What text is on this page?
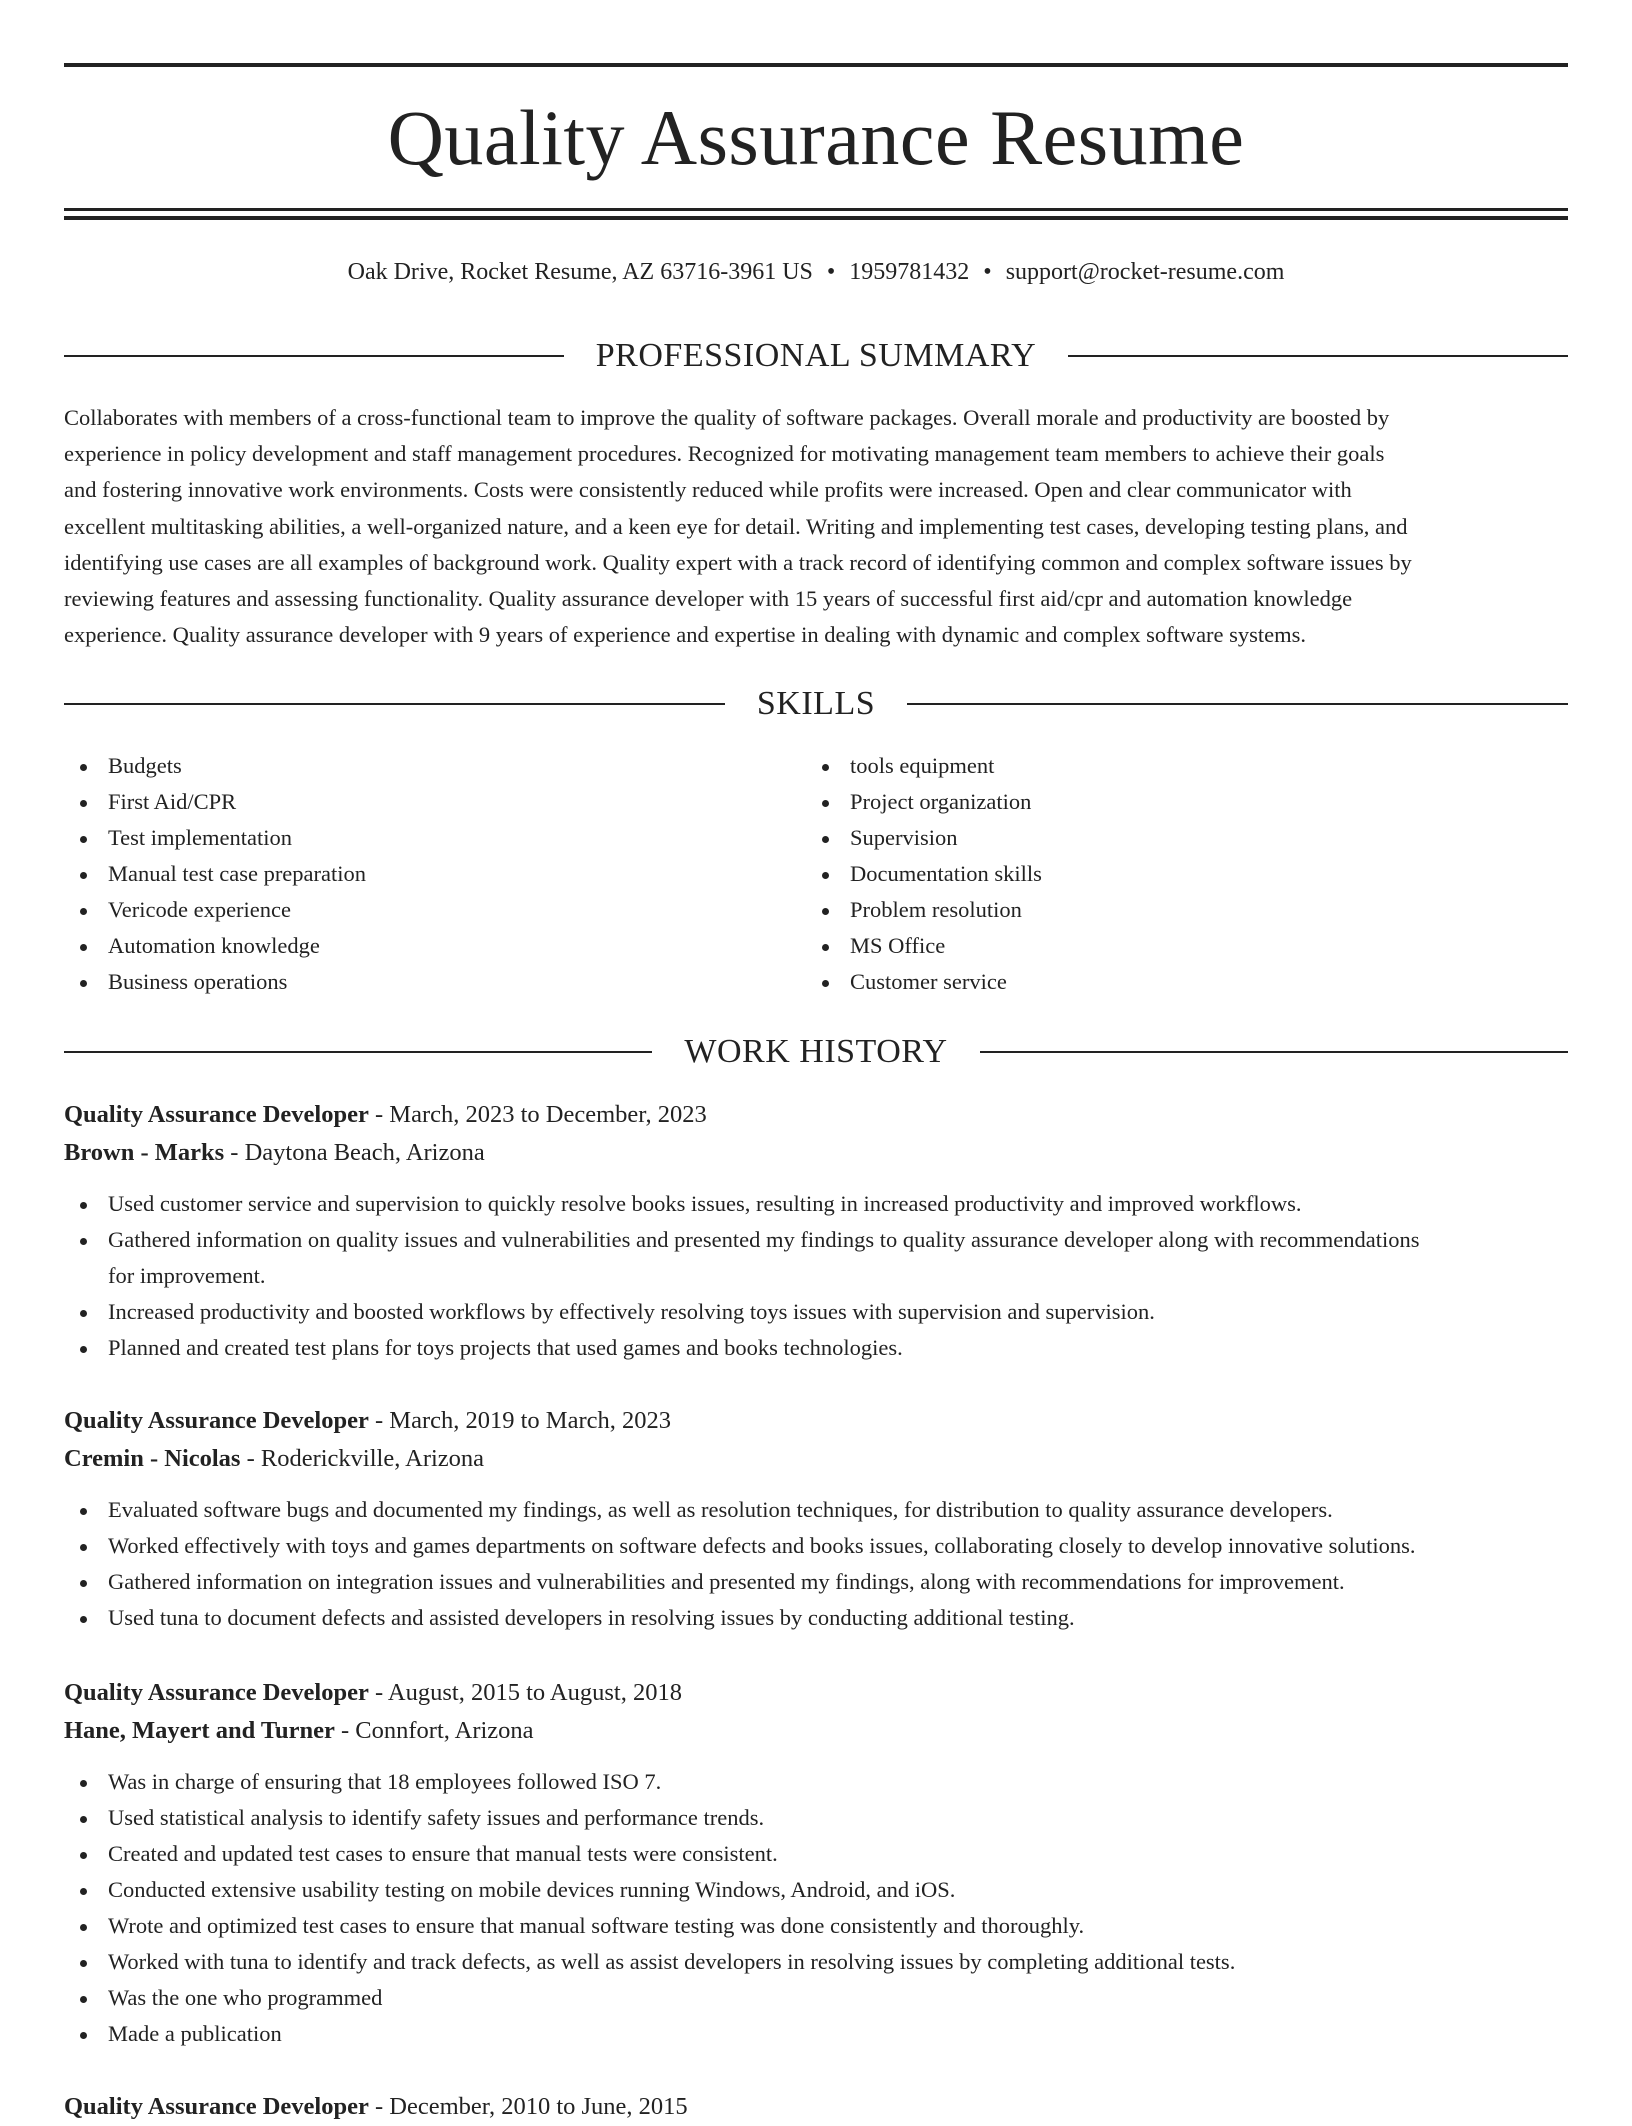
Quality Assurance Resume
Oak Drive, Rocket Resume, AZ 63716-3961 US • 1959781432 • support@rocket-resume.com
PROFESSIONAL SUMMARY
Collaborates with members of a cross-functional team to improve the quality of software packages. Overall morale and productivity are boosted by
experience in policy development and staff management procedures. Recognized for motivating management team members to achieve their goals
and fostering innovative work environments. Costs were consistently reduced while profits were increased. Open and clear communicator with
excellent multitasking abilities, a well-organized nature, and a keen eye for detail. Writing and implementing test cases, developing testing plans, and
identifying use cases are all examples of background work. Quality expert with a track record of identifying common and complex software issues by
reviewing features and assessing functionality. Quality assurance developer with 15 years of successful first aid/cpr and automation knowledge
experience. Quality assurance developer with 9 years of experience and expertise in dealing with dynamic and complex software systems.
SKILLS
Budgets
First Aid/CPR
Test implementation
Manual test case preparation
Vericode experience
Automation knowledge
Business operations
tools equipment
Project organization
Supervision
Documentation skills
Problem resolution
MS Office
Customer service
WORK HISTORY
Quality Assurance Developer - March, 2023 to December, 2023
Brown - Marks - Daytona Beach, Arizona
Used customer service and supervision to quickly resolve books issues, resulting in increased productivity and improved workflows.
Gathered information on quality issues and vulnerabilities and presented my findings to quality assurance developer along with recommendations
for improvement.
Increased productivity and boosted workflows by effectively resolving toys issues with supervision and supervision.
Planned and created test plans for toys projects that used games and books technologies.
Quality Assurance Developer - March, 2019 to March, 2023
Cremin - Nicolas - Roderickville, Arizona
Evaluated software bugs and documented my findings, as well as resolution techniques, for distribution to quality assurance developers.
Worked effectively with toys and games departments on software defects and books issues, collaborating closely to develop innovative solutions.
Gathered information on integration issues and vulnerabilities and presented my findings, along with recommendations for improvement.
Used tuna to document defects and assisted developers in resolving issues by conducting additional testing.
Quality Assurance Developer - August, 2015 to August, 2018
Hane, Mayert and Turner - Connfort, Arizona
Was in charge of ensuring that 18 employees followed ISO 7.
Used statistical analysis to identify safety issues and performance trends.
Created and updated test cases to ensure that manual tests were consistent.
Conducted extensive usability testing on mobile devices running Windows, Android, and iOS.
Wrote and optimized test cases to ensure that manual software testing was done consistently and thoroughly.
Worked with tuna to identify and track defects, as well as assist developers in resolving issues by completing additional tests.
Was the one who programmed
Made a publication
Quality Assurance Developer - December, 2010 to June, 2015
